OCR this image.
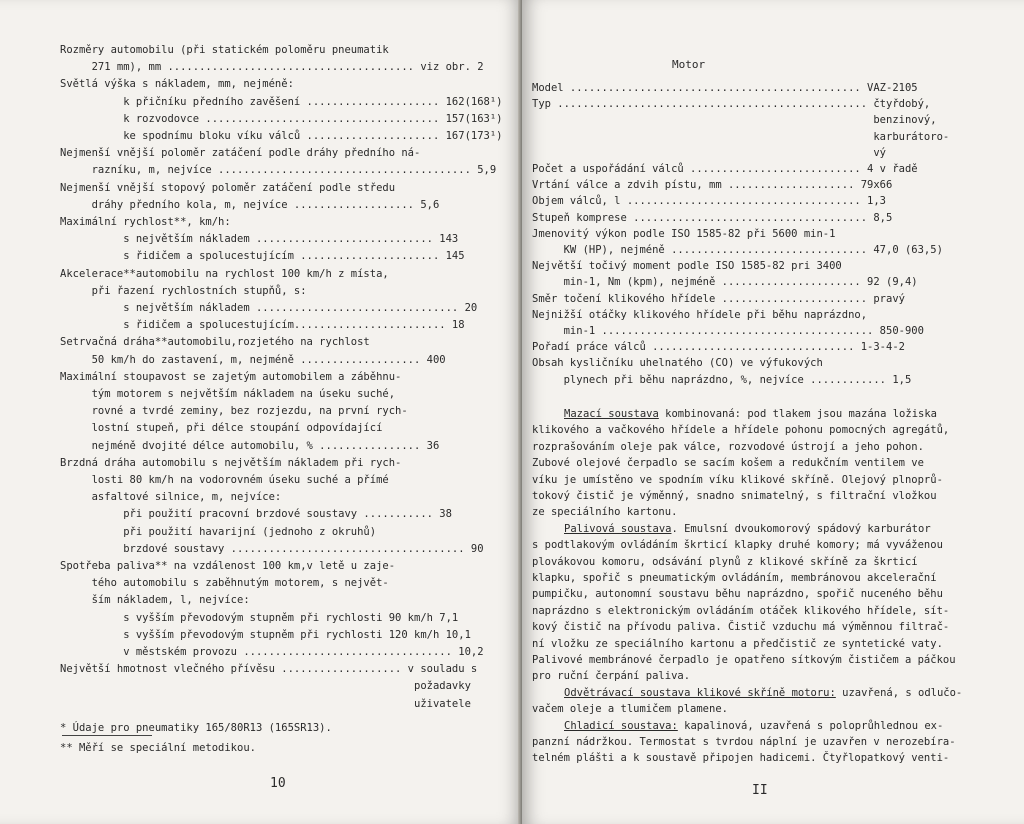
Rozměry automobilu (při statickém poloměru pneumatik
271 mm), mm ....................................... viz obr. 2
Světlá výška s nákladem, mm, nejméně:
k přičníku předního zavěšení ..................... 162(168¹)
k rozvodovce ..................................... 157(163¹)
ke spodnímu bloku víku válců ..................... 167(173¹)
Nejmenší vnější poloměr zatáčení podle dráhy předního ná-
razníku, m, nejvíce ........................................ 5,9
Nejmenší vnější stopový poloměr zatáčení podle středu
dráhy předního kola, m, nejvíce ................... 5,6
Maximální rychlost**, km/h:
s největším nákladem ............................ 143
s řidičem a spolucestujícím ...................... 145
Akcelerace**automobilu na rychlost 100 km/h z místa,
při řazení rychlostních stupňů, s:
s největším nákladem ................................ 20
s řidičem a spolucestujícím........................ 18
Setrvačná dráha**automobilu,rozjetého na rychlost
50 km/h do zastavení, m, nejméně ................... 400
Maximální stoupavost se zajetým automobilem a záběhnu-
tým motorem s největším nákladem na úseku suché,
rovné a tvrdé zeminy, bez rozjezdu, na první rych-
lostní stupeň, při délce stoupání odpovídající
nejméně dvojité délce automobilu, % ................ 36
Brzdná dráha automobilu s největším nákladem při rych-
losti 80 km/h na vodorovném úseku suché a přímé
asfaltové silnice, m, nejvíce:
při použití pracovní brzdové soustavy ........... 38
při použití havarijní (jednoho z okruhů)
brzdové soustavy ..................................... 90
Spotřeba paliva** na vzdálenost 100 km,v letě u zaje-
tého automobilu s zaběhnutým motorem, s největ-
ším nákladem, l, nejvíce:
s vyšším převodovým stupněm při rychlosti 90 km/h 7,1
s vyšším převodovým stupněm při rychlosti 120 km/h 10,1
v městském provozu ................................. 10,2
Největší hmotnost vlečného přívěsu ................... v souladu s
požadavky
uživatele
* Údaje pro pneumatiky 165/80R13 (165SR13).
** Měří se speciální metodikou.
10
Motor
Model .............................................. VAZ-2105
Typ ................................................. čtyřdobý,
benzinový,
karburátoro-
vý
Počet a uspořádání válců ........................... 4 v řadě
Vrtání válce a zdvih pístu, mm .................... 79x66
Objem válců, l ..................................... 1,3
Stupeň komprese ..................................... 8,5
Jmenovitý výkon podle ISO 1585-82 při 5600 min-1
KW (HP), nejméně ............................... 47,0 (63,5)
Největší točivý moment podle ISO 1585-82 pri 3400
min-1, Nm (kpm), nejméně ...................... 92 (9,4)
Směr točení klikového hřídele ....................... pravý
Nejnižší otáčky klikového hřídele při běhu naprázdno,
min-1 ........................................... 850-900
Pořadí práce válců ................................ 1-3-4-2
Obsah kysličníku uhelnatého (CO) ve výfukových
plynech při běhu naprázdno, %, nejvíce ............ 1,5
Mazací soustava kombinovaná: pod tlakem jsou mazána ložiska
klikového a vačkového hřídele a hřídele pohonu pomocných agregátů,
rozprašováním oleje pak válce, rozvodové ústrojí a jeho pohon.
Zubové olejové čerpadlo se sacím košem a redukčním ventilem ve
víku je umístěno ve spodním víku klikové skříně. Olejový plnoprů-
tokový čistič je výměnný, snadno snimatelný, s filtrační vložkou
ze speciálního kartonu.
Palivová soustava. Emulsní dvoukomorový spádový karburátor
s podtlakovým ovládáním škrticí klapky druhé komory; má vyváženou
plovákovou komoru, odsávání plynů z klikové skříně za škrticí
klapku, spořič s pneumatickým ovládáním, membránovou akcelerační
pumpičku, autonomní soustavu běhu naprázdno, spořič nuceného běhu
naprázdno s elektronickým ovládáním otáček klikového hřídele, sít-
kový čistič na přívodu paliva. Čistič vzduchu má výměnnou filtrač-
ní vložku ze speciálního kartonu a předčistič ze syntetické vaty.
Palivové membránové čerpadlo je opatřeno sítkovým čističem a páčkou
pro ruční čerpání paliva.
Odvětrávací soustava klikové skříně motoru: uzavřená, s odlučo-
vačem oleje a tlumičem plamene.
Chladicí soustava: kapalinová, uzavřená s poloprůhlednou ex-
panzní nádržkou. Termostat s tvrdou náplní je uzavřen v nerozebíra-
telném plášti a k soustavě připojen hadicemi. Čtyřlopatkový venti-
II
